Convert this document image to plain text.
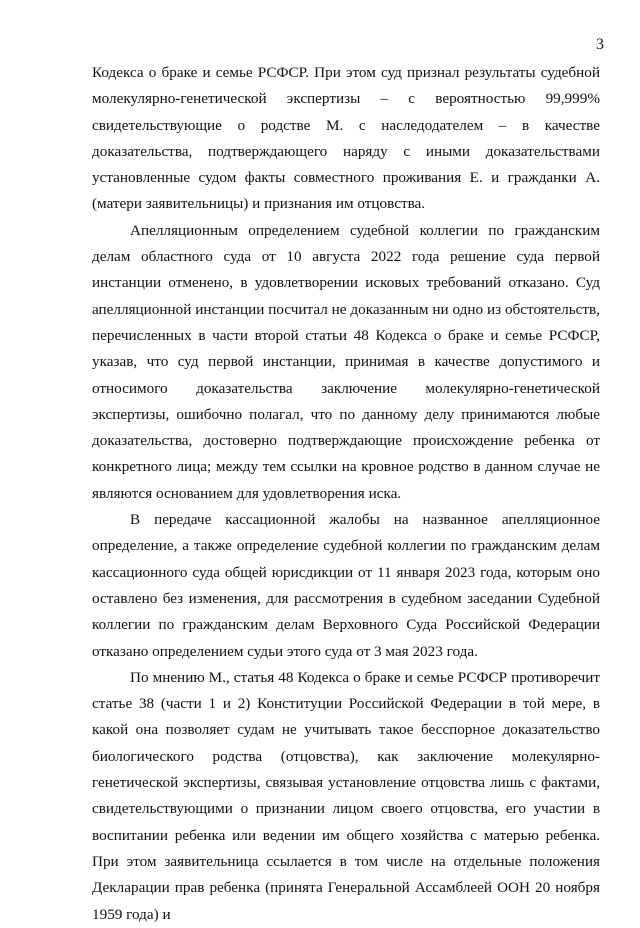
3

Кодекса о браке и семье РСФСР. При этом суд признал результаты судебной молекулярно-генетической экспертизы – с вероятностью 99,999% свидетельствующие о родстве М. с наследодателем – в качестве доказательства, подтверждающего наряду с иными доказательствами установленные судом факты совместного проживания Е. и гражданки А. (матери заявительницы) и признания им отцовства.

Апелляционным определением судебной коллегии по гражданским делам областного суда от 10 августа 2022 года решение суда первой инстанции отменено, в удовлетворении исковых требований отказано. Суд апелляционной инстанции посчитал не доказанным ни одно из обстоятельств, перечисленных в части второй статьи 48 Кодекса о браке и семье РСФСР, указав, что суд первой инстанции, принимая в качестве допустимого и относимого доказательства заключение молекулярно-генетической экспертизы, ошибочно полагал, что по данному делу принимаются любые доказательства, достоверно подтверждающие происхождение ребенка от конкретного лица; между тем ссылки на кровное родство в данном случае не являются основанием для удовлетворения иска.

В передаче кассационной жалобы на названное апелляционное определение, а также определение судебной коллегии по гражданским делам кассационного суда общей юрисдикции от 11 января 2023 года, которым оно оставлено без изменения, для рассмотрения в судебном заседании Судебной коллегии по гражданским делам Верховного Суда Российской Федерации отказано определением судьи этого суда от 3 мая 2023 года.

По мнению М., статья 48 Кодекса о браке и семье РСФСР противоречит статье 38 (части 1 и 2) Конституции Российской Федерации в той мере, в какой она позволяет судам не учитывать такое бесспорное доказательство биологического родства (отцовства), как заключение молекулярно-генетической экспертизы, связывая установление отцовства лишь с фактами, свидетельствующими о признании лицом своего отцовства, его участии в воспитании ребенка или ведении им общего хозяйства с матерью ребенка. При этом заявительница ссылается в том числе на отдельные положения Декларации прав ребенка (принята Генеральной Ассамблеей ООН 20 ноября 1959 года) и
